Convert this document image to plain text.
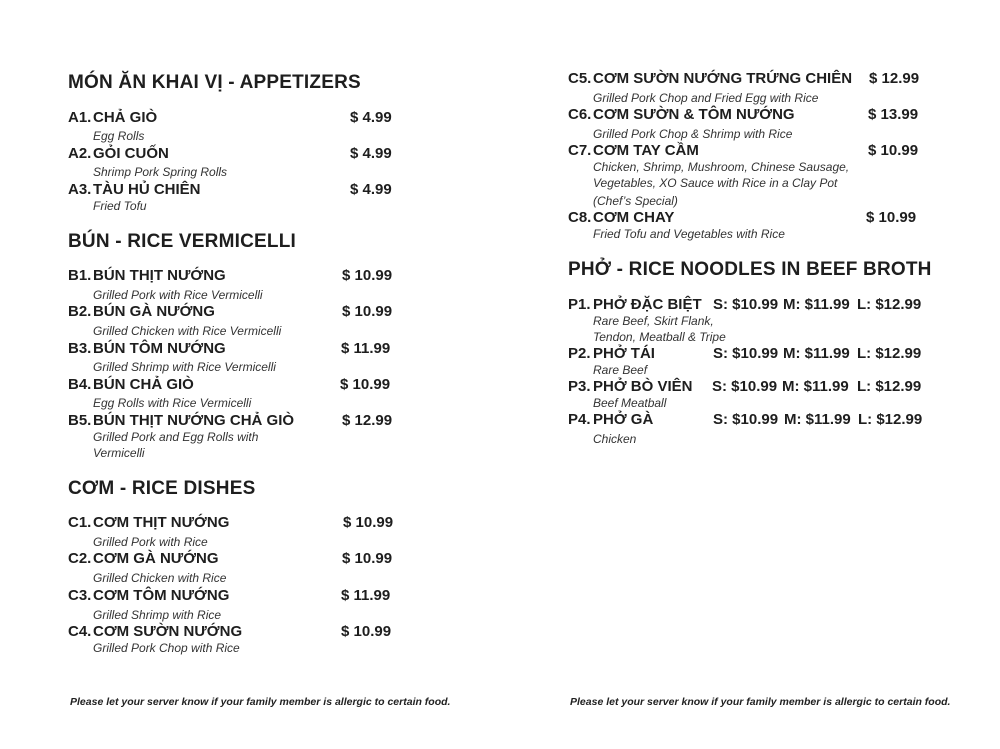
MÓN ĂN KHAI VỊ - APPETIZERS
A1. CHẢ GIÒ	$ 4.99
Egg Rolls
A2. GỎI CUỐN	$ 4.99
Shrimp Pork Spring Rolls
A3. TÀU HỦ CHIÊN	$ 4.99
Fried Tofu
BÚN - RICE VERMICELLI
B1. BÚN THỊT NƯỚNG	$ 10.99
Grilled Pork with Rice Vermicelli
B2. BÚN GÀ NƯỚNG	$ 10.99
Grilled Chicken with Rice Vermicelli
B3. BÚN TÔM NƯỚNG	$ 11.99
Grilled Shrimp with Rice Vermicelli
B4. BÚN CHẢ GIÒ	$ 10.99
Egg Rolls with Rice Vermicelli
B5. BÚN THỊT NƯỚNG CHẢ GIÒ	$ 12.99
Grilled Pork and Egg Rolls with
Vermicelli
CƠM - RICE DISHES
C1. CƠM THỊT NƯỚNG	$ 10.99
Grilled Pork with Rice
C2. CƠM GÀ NƯỚNG	$ 10.99
Grilled Chicken with Rice
C3. CƠM TÔM NƯỚNG	$ 11.99
Grilled Shrimp with Rice
C4. CƠM SƯỜN NƯỚNG	$ 10.99
Grilled Pork Chop with Rice
Please let your server know if your family member is allergic to certain food.
C5. CƠM SƯỜN NƯỚNG TRỨNG CHIÊN $ 12.99
Grilled Pork Chop and Fried Egg with Rice
C6. CƠM SƯỜN & TÔM NƯỚNG	$ 13.99
Grilled Pork Chop & Shrimp with Rice
C7. CƠM TAY CẦM	$ 10.99
Chicken, Shrimp, Mushroom, Chinese Sausage,
Vegetables, XO Sauce with Rice in a Clay Pot
(Chef’s Special)
C8. CƠM CHAY	$ 10.99
Fried Tofu and Vegetables with Rice
PHỞ - RICE NOODLES IN BEEF BROTH
P1. PHỞ ĐẶC BIỆT S: $10.99 M: $11.99 L: $12.99
Rare Beef, Skirt Flank,
Tendon, Meatball & Tripe
P2. PHỞ TÁI	S: $10.99 M: $11.99 L: $12.99
Rare Beef
P3. PHỞ BÒ VIÊN S: $10.99 M: $11.99 L: $12.99
Beef Meatball
P4. PHỞ GÀ	S: $10.99 M: $11.99 L: $12.99
Chicken
Please let your server know if your family member is allergic to certain food.
